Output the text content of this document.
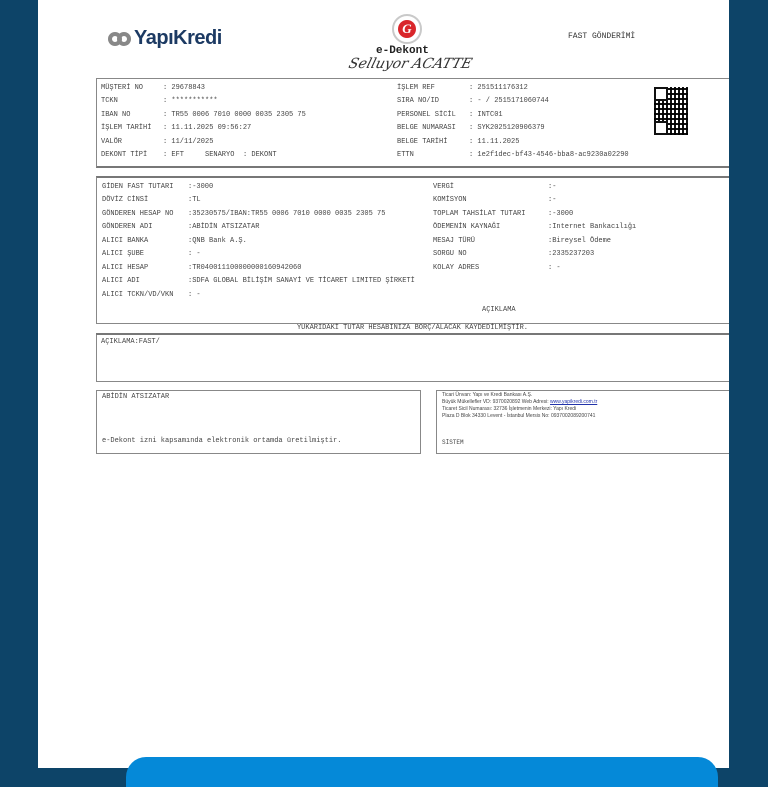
YapıKredi	G
e-Dekont
Selluyor ACATTE
FAST GÖNDERİMİ
MÜŞTERİ NO	: 29678843
TCKN	: ***********
IBAN NO	: TR55 0006 7010 0000 0035 2305 75
İŞLEM TARİHİ : 11.11.2025 09:56:27
VALÖR	: 11/11/2025
DEKONT TİPİ : EFT	SENARYO : DEKONT
İŞLEM REF	: 251511176312
SIRA NO/ID	: - / 2515171060744
PERSONEL SİCİL : INTC01
BELGE NUMARASI : SYK2025120906379
BELGE TARİHİ	: 11.11.2025
ETTN	: 1e2f1dec-bf43-4546-bba8-ac9230a02290
GİDEN FAST TUTARI :-3000
DÖVİZ CİNSİ	:TL
GÖNDEREN HESAP NO :35230575/IBAN:TR55 0006 7010 0000 0035 2305 75
GÖNDEREN ADI	:ABİDİN ATSIZATAR
ALICI BANKA	:QNB Bank A.Ş.
ALICI ŞUBE	: -
ALICI HESAP	:TR040011100000000160942060
ALICI ADI	:SDFA GLOBAL BİLİŞİM SANAYİ VE TİCARET LIMITED ŞİRKETİ
ALICI TCKN/VD/VKN : -
VERGİ	:-
KOMİSYON	:-
TOPLAM TAHSİLAT TUTARI	:-3000
ÖDEMENİN KAYNAĞI	:Internet Bankacılığı
MESAJ TÜRÜ	:Bireysel Ödeme
SORGU NO	:2335237203
KOLAY ADRES	: -
AÇIKLAMA
YUKARIDAKİ TUTAR HESABINIZA BORÇ/ALACAK KAYDEDİLMİŞTİR.
AÇIKLAMA:FAST/
ABİDİN ATSIZATAR
e-Dekont izni kapsamında elektronik ortamda üretilmiştir.
Ticari Ünvan: Yapı ve Kredi Bankası A.Ş.
Büyük Mükellefler VD: 9370020892 Web Adresi: www.yapikredi.com.tr
Ticaret Sicil Numarası: 32736 İşletmenin Merkezi: Yapı Kredi
Plaza D Blok 34330 Levent - İstanbul Mersis No: 0937002089200741
SİSTEM
